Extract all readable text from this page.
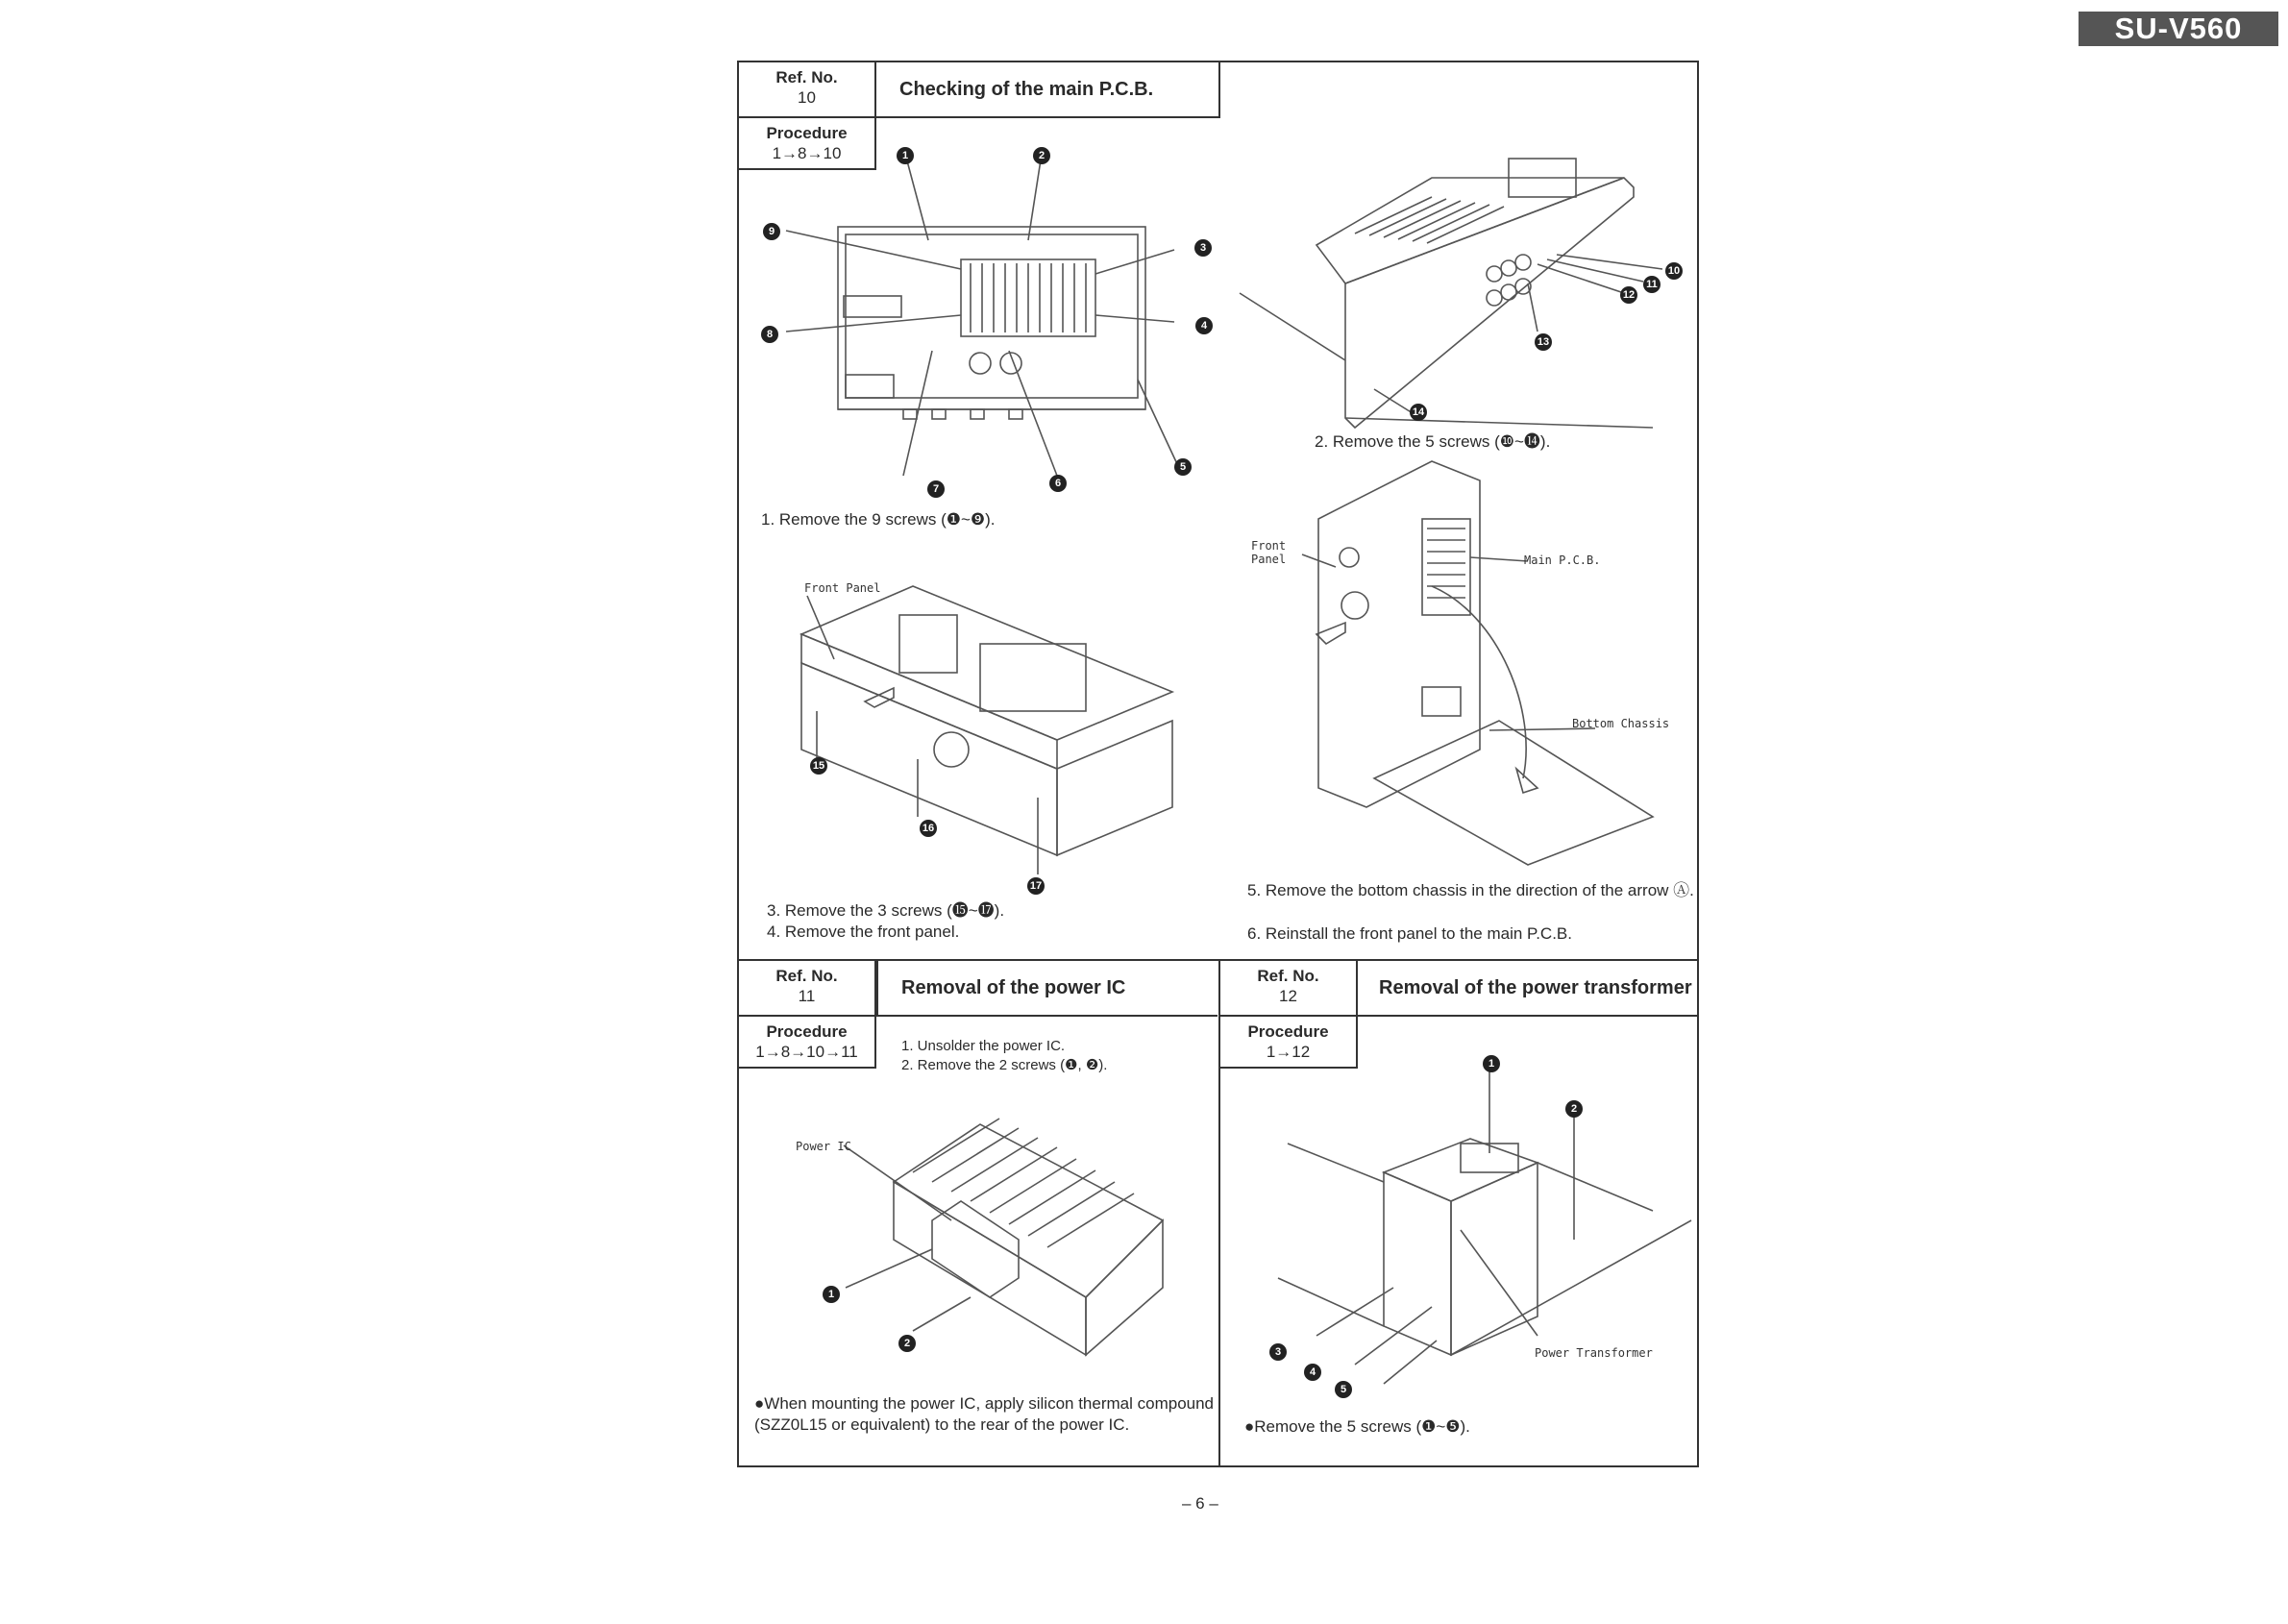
SU-V560
Ref. No.
10	Checking of the main P.C.B.
Procedure
1→8→10	1	2
3
4
5
6
7
8
9
1. Remove the 9 screws (❶~❾).
10
11
12
13
14
2. Remove the 5 screws (❿~⓮).
Front Panel
15
16
17
3. Remove the 3 screws (⓯~⓱).
4. Remove the front panel.
Front Panel	Main P.C.B.
Bottom Chassis
5. Remove the bottom chassis in the direction of the arrow Ⓐ.
6. Reinstall the front panel to the main P.C.B.
Ref. No.
11	Removal of the power IC
Procedure
1→8→10→11	1. Unsolder the power IC.
2. Remove the 2 screws (❶, ❷).
Power IC
1
2
●When mounting the power IC, apply silicon thermal compound (SZZ0L15 or equivalent) to the rear of the power IC.
Ref. No.
12	Removal of the power transformer
Procedure
1→12
1
2
3
4
5
Power Transformer
●Remove the 5 screws (❶~❺).
– 6 –
